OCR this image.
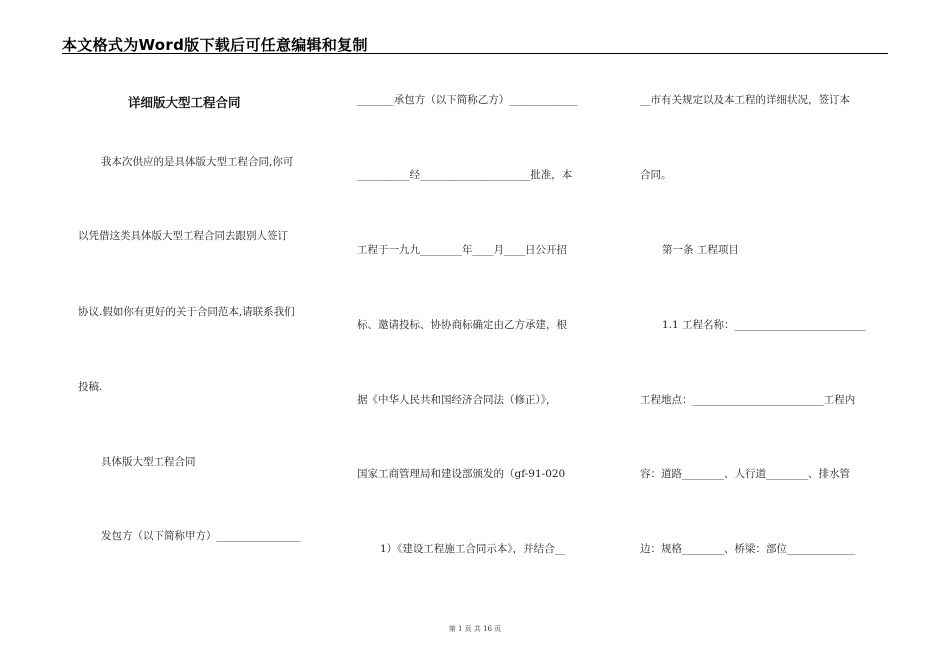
本文格式为Word版下载后可任意编辑和复制
详细版大型工程合同
我本次供应的是具体版大型工程合同,你可
以凭借这类具体版大型工程合同去跟别人签订
协议.假如你有更好的关于合同范本,请联系我们
投稿.
具体版大型工程合同
发包方（以下简称甲方）________________
_______承包方（以下简称乙方）_____________
__________经_____________________批准，本
工程于一九九________年____月____日公开招
标、邀请投标、协协商标确定由乙方承建，根
据《中华人民共和国经济合同法（修正）》，
国家工商管理局和建设部颁发的（gf-91-020
1）《建设工程施工合同示本》，并结合__
__市有关规定以及本工程的详细状况，签订本
合同。
第一条 工程项目
1.1 工程名称：_________________________
工程地点：_________________________工程内
容：道路________、人行道________、排水管
边：规格________、桥梁：部位_____________
第 1 页 共 16 页
